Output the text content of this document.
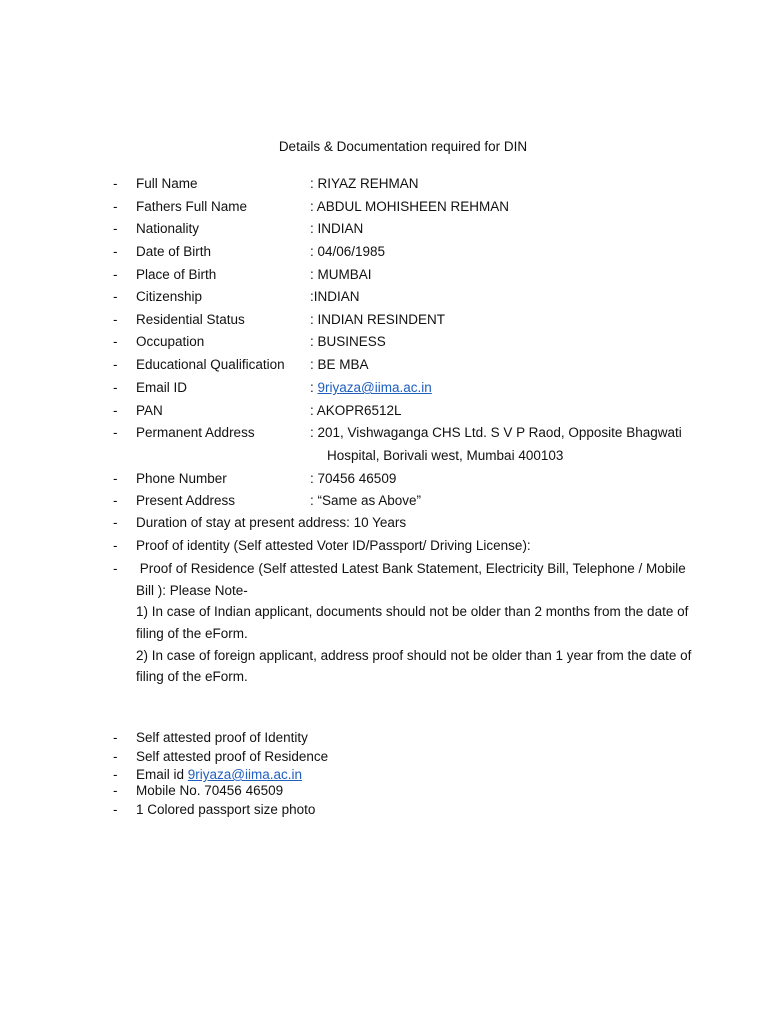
Details & Documentation required for DIN
- Full Name	: RIYAZ REHMAN
- Fathers Full Name	: ABDUL MOHISHEEN REHMAN
- Nationality	: INDIAN
- Date of Birth	: 04/06/1985
- Place of Birth	: MUMBAI
- Citizenship	:INDIAN
- Residential Status	: INDIAN RESINDENT
- Occupation	: BUSINESS
- Educational Qualification : BE MBA
- Email ID	: 9riyaza@iima.ac.in
- PAN	: AKOPR6512L
- Permanent Address	: 201, Vishwaganga CHS Ltd. S V P Raod, Opposite Bhagwati
Hospital, Borivali west, Mumbai 400103
- Phone Number	: 70456 46509
- Present Address	: “Same as Above”
- Duration of stay at present address: 10 Years
- Proof of identity (Self attested Voter ID/Passport/ Driving License):
- Proof of Residence (Self attested Latest Bank Statement, Electricity Bill, Telephone / Mobile
Bill ): Please Note-
1) In case of Indian applicant, documents should not be older than 2 months from the date of
filing of the eForm.
2) In case of foreign applicant, address proof should not be older than 1 year from the date of
filing of the eForm.
- Self attested proof of Identity
- Self attested proof of Residence
- Email id 9riyaza@iima.ac.in
- Mobile No. 70456 46509
- 1 Colored passport size photo
